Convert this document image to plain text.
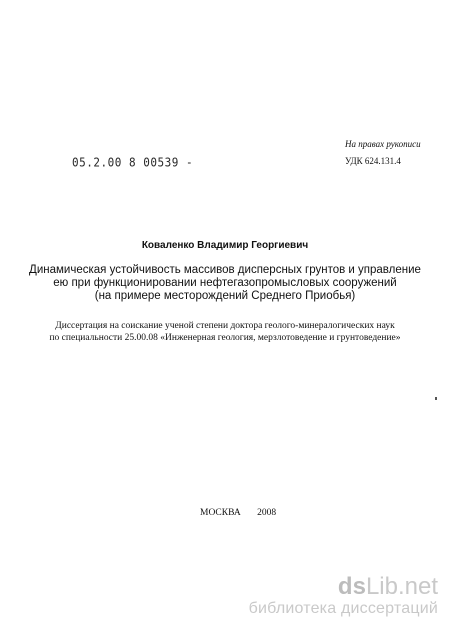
На правах рукописи
УДК 624.131.4
05.2.00 8 00539 -
Коваленко Владимир Георгиевич
Динамическая устойчивость массивов дисперсных грунтов и управление
ею при функционировании нефтегазопромысловых сооружений
(на примере месторождений Среднего Приобья)
Диссертация на соискание ученой степени доктора геолого-минералогических наук
по специальности 25.00.08 «Инженерная геология, мерзлотоведение и грунтоведение»
МОСКВА 2008
dsLib.net
библиотека диссертаций
